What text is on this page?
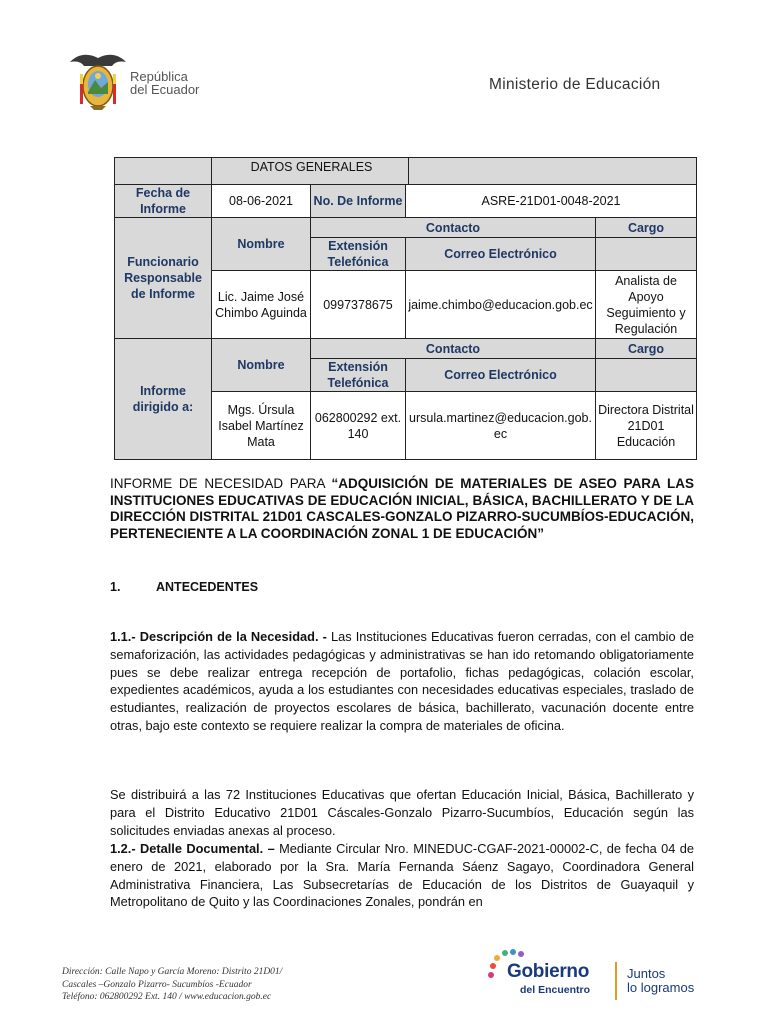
República
del Ecuador	Ministerio de Educación
	DATOS GENERALES			
Fecha de Informe	08-06-2021	No. De Informe	ASRE-21D01-0048-2021	
Funcionario Responsable de Informe	Nombre	Contacto		Cargo
		Extensión Telefónica	Correo Electrónico	
	Lic. Jaime José Chimbo Aguinda	0997378675	jaime.chimbo@educacion.gob.ec	Analista de Apoyo Seguimiento y Regulación
Informe dirigido a:	Nombre	Contacto		Cargo
		Extensión Telefónica	Correo Electrónico	
	Mgs. Úrsula Isabel Martínez Mata	062800292 ext. 140	ursula.martinez@educacion.gob.ec	Directora Distrital 21D01 Educación
INFORME DE NECESIDAD PARA “ADQUISICIÓN DE MATERIALES DE ASEO PARA LAS INSTITUCIONES EDUCATIVAS DE EDUCACIÓN INICIAL, BÁSICA, BACHILLERATO Y DE LA DIRECCIÓN DISTRITAL 21D01 CASCALES-GONZALO PIZARRO-SUCUMBÍOS-EDUCACIÓN, PERTENECIENTE A LA COORDINACIÓN ZONAL 1 DE EDUCACIÓN”
1.	ANTECEDENTES
1.1.- Descripción de la Necesidad. - Las Instituciones Educativas fueron cerradas, con el cambio de semaforización, las actividades pedagógicas y administrativas se han ido retomando obligatoriamente pues se debe realizar entrega recepción de portafolio, fichas pedagógicas, colación escolar, expedientes académicos, ayuda a los estudiantes con necesidades educativas especiales, traslado de estudiantes, realización de proyectos escolares de básica, bachillerato, vacunación docente entre otras, bajo este contexto se requiere realizar la compra de materiales de oficina.
Se distribuirá a las 72 Instituciones Educativas que ofertan Educación Inicial, Básica, Bachillerato y para el Distrito Educativo 21D01 Cáscales-Gonzalo Pizarro-Sucumbíos, Educación según las solicitudes enviadas anexas al proceso.
1.2.- Detalle Documental. – Mediante Circular Nro. MINEDUC-CGAF-2021-00002-C, de fecha 04 de enero de 2021, elaborado por la Sra. María Fernanda Sáenz Sagayo, Coordinadora General Administrativa Financiera, Las Subsecretarías de Educación de los Distritos de Guayaquil y Metropolitano de Quito y las Coordinaciones Zonales, pondrán en
Dirección: Calle Napo y García Moreno: Distrito 21D01/
Cascales –Gonzalo Pizarro- Sucumbíos -Ecuador
Teléfono: 062800292 Ext. 140 / www.educacion.gob.ec
Gobierno
del Encuentro
Juntos
lo logramos
